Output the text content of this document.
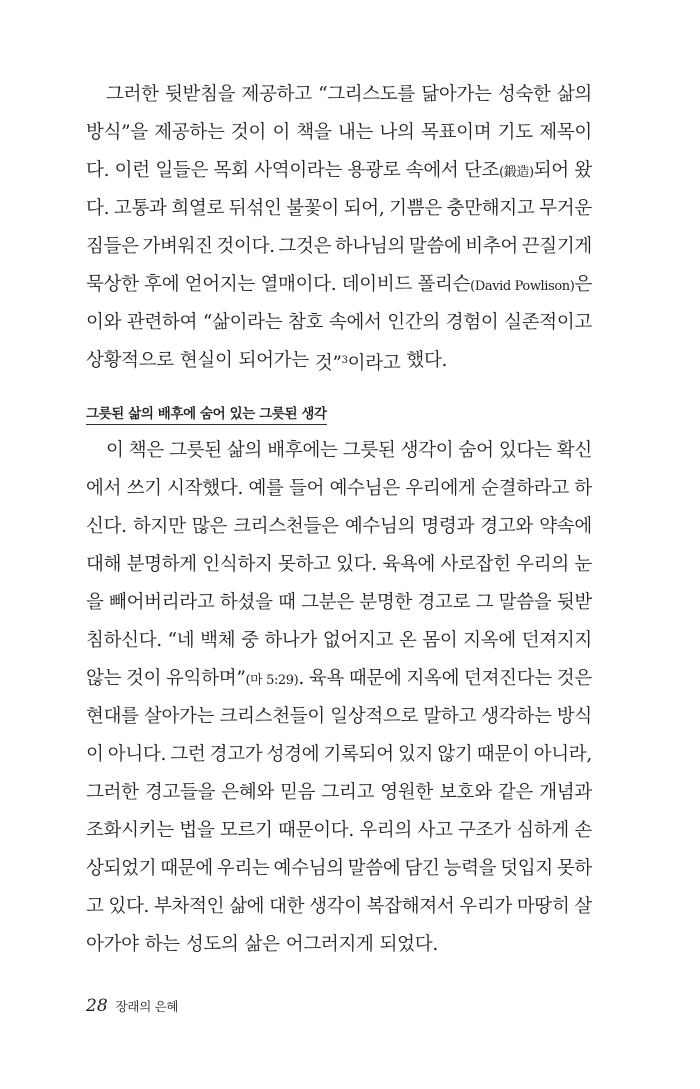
그러한 뒷받침을 제공하고 “그리스도를 닮아가는 성숙한 삶의
방식”을 제공하는 것이 이 책을 내는 나의 목표이며 기도 제목이
다. 이런 일들은 목회 사역이라는 용광로 속에서 단조(鍛造)되어 왔
다. 고통과 희열로 뒤섞인 불꽃이 되어, 기쁨은 충만해지고 무거운
짐들은 가벼워진 것이다. 그것은 하나님의 말씀에 비추어 끈질기게
묵상한 후에 얻어지는 열매이다. 데이비드 폴리슨(David Powlison)은
이와 관련하여 “삶이라는 참호 속에서 인간의 경험이 실존적이고
상황적으로 현실이 되어가는 것”$^3$이라고 했다.
그릇된 삶의 배후에 숨어 있는 그릇된 생각
이 책은 그릇된 삶의 배후에는 그릇된 생각이 숨어 있다는 확신
에서 쓰기 시작했다. 예를 들어 예수님은 우리에게 순결하라고 하
신다. 하지만 많은 크리스천들은 예수님의 명령과 경고와 약속에
대해 분명하게 인식하지 못하고 있다. 육욕에 사로잡힌 우리의 눈
을 빼어버리라고 하셨을 때 그분은 분명한 경고로 그 말씀을 뒷받
침하신다. “네 백체 중 하나가 없어지고 온 몸이 지옥에 던져지지
않는 것이 유익하며”(마 5:29). 육욕 때문에 지옥에 던져진다는 것은
현대를 살아가는 크리스천들이 일상적으로 말하고 생각하는 방식
이 아니다. 그런 경고가 성경에 기록되어 있지 않기 때문이 아니라,
그러한 경고들을 은혜와 믿음 그리고 영원한 보호와 같은 개념과
조화시키는 법을 모르기 때문이다. 우리의 사고 구조가 심하게 손
상되었기 때문에 우리는 예수님의 말씀에 담긴 능력을 덧입지 못하
고 있다. 부차적인 삶에 대한 생각이 복잡해져서 우리가 마땅히 살
아가야 하는 성도의 삶은 어그러지게 되었다.
28 장래의 은혜
